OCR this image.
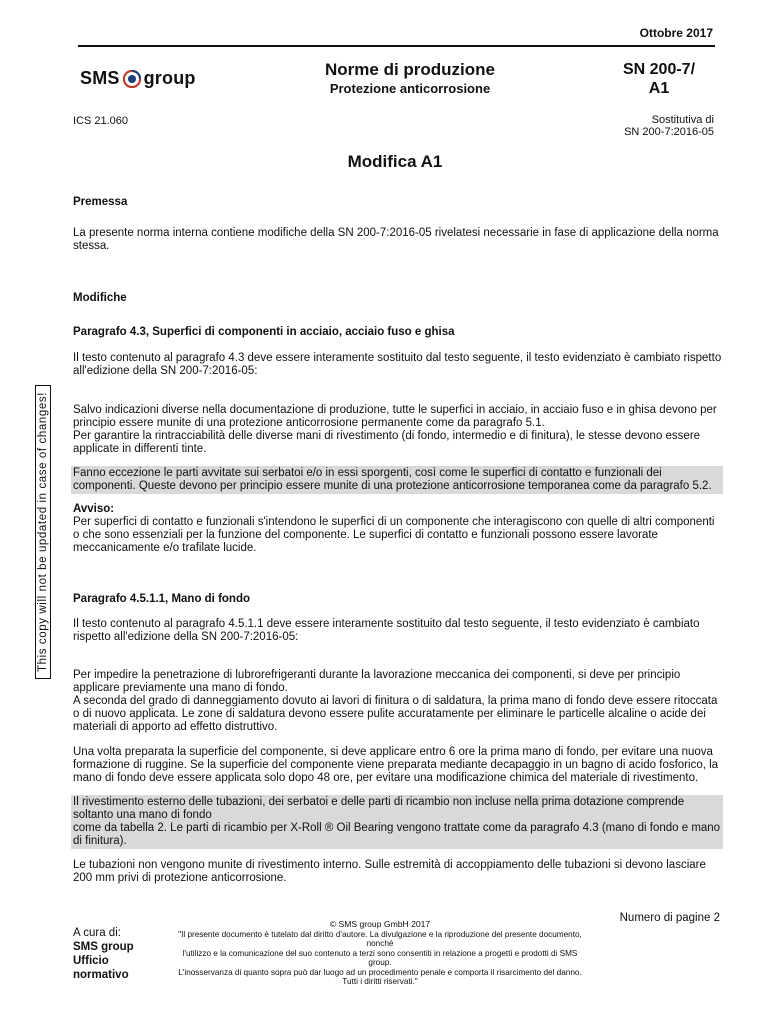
Ottobre 2017
SMS group	Norme di produzione
Protezione anticorrosione
SN 200-7/
A1
ICS 21.060	Sostitutiva di
SN 200-7:2016-05
Modifica A1
This copy will not be updated in case of changes!

Premessa

La presente norma interna contiene modifiche della SN 200-7:2016-05 rivelatesi necessarie in fase di applicazione della norma stessa.

Modifiche

Paragrafo 4.3, Superfici di componenti in acciaio, acciaio fuso e ghisa

Il testo contenuto al paragrafo 4.3 deve essere interamente sostituito dal testo seguente, il testo evidenziato è cambiato rispetto all'edizione della SN 200-7:2016-05:

Salvo indicazioni diverse nella documentazione di produzione, tutte le superfici in acciaio, in acciaio fuso e in ghisa devono per principio essere munite di una protezione anticorrosione permanente come da paragrafo 5.1.

Per garantire la rintracciabilità delle diverse mani di rivestimento (di fondo, intermedio e di finitura), le stesse devono essere applicate in differenti tinte.

Fanno eccezione le parti avvitate sui serbatoi e/o in essi sporgenti, così come le superfici di contatto e funzionali dei componenti. Queste devono per principio essere munite di una protezione anticorrosione temporanea come da paragrafo 5.2.

Avviso:

Per superfici di contatto e funzionali s'intendono le superfici di un componente che interagiscono con quelle di altri componenti o che sono essenziali per la funzione del componente. Le superfici di contatto e funzionali possono essere lavorate meccanicamente e/o trafilate lucide.

Paragrafo 4.5.1.1, Mano di fondo

Il testo contenuto al paragrafo 4.5.1.1 deve essere interamente sostituito dal testo seguente, il testo evidenziato è cambiato rispetto all'edizione della SN 200-7:2016-05:

Per impedire la penetrazione di lubrorefrigeranti durante la lavorazione meccanica dei componenti, si deve per principio applicare previamente una mano di fondo.

A seconda del grado di danneggiamento dovuto ai lavori di finitura o di saldatura, la prima mano di fondo deve essere ritoccata o di nuovo applicata. Le zone di saldatura devono essere pulite accuratamente per eliminare le particelle alcaline o acide dei materiali di apporto ad effetto distruttivo.

Una volta preparata la superficie del componente, si deve applicare entro 6 ore la prima mano di fondo, per evitare una nuova formazione di ruggine. Se la superficie del componente viene preparata mediante decapaggio in un bagno di acido fosforico, la mano di fondo deve essere applicata solo dopo 48 ore, per evitare una modificazione chimica del materiale di rivestimento.

Il rivestimento esterno delle tubazioni, dei serbatoi e delle parti di ricambio non incluse nella prima dotazione comprende soltanto una mano di fondo

come da tabella 2. Le parti di ricambio per X-Roll ® Oil Bearing vengono trattate come da paragrafo 4.3 (mano di fondo e mano di finitura).

Le tubazioni non vengono munite di rivestimento interno. Sulle estremità di accoppiamento delle tubazioni si devono lasciare 200 mm privi di protezione anticorrosione.

Numero di pagine 2
A cura di:
SMS group
Ufficio
normativo
© SMS group GmbH 2017
"Il presente documento è tutelato dal diritto d'autore. La divulgazione e la riproduzione del presente documento, nonché
l'utilizzo e la comunicazione del suo contenuto a terzi sono consentiti in relazione a progetti e prodotti di SMS group.
L'inosservanza di quanto sopra può dar luogo ad un procedimento penale e comporta il risarcimento del danno.
Tutti i diritti riservati."
